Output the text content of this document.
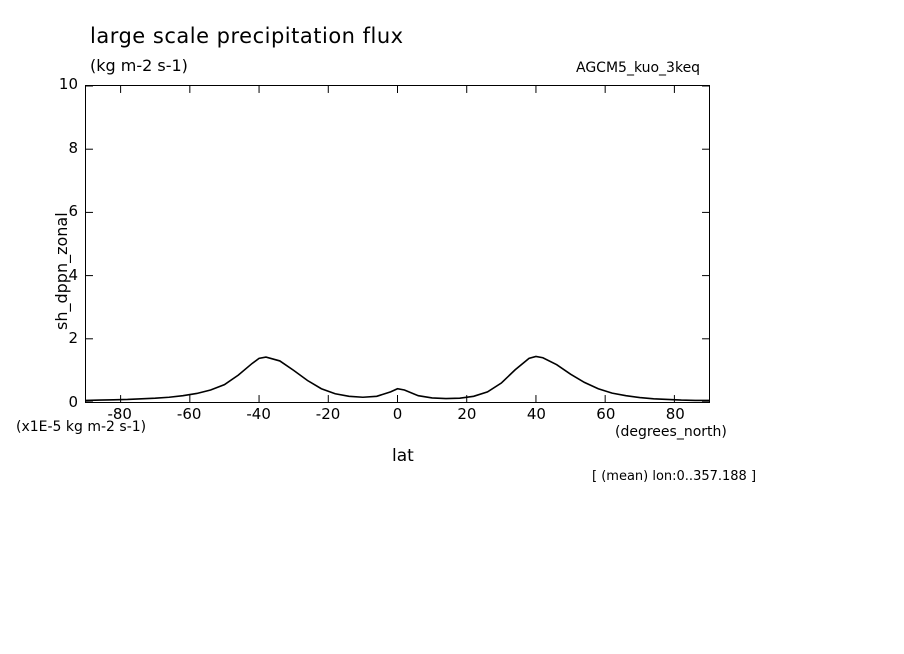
large scale precipitation flux
(kg m-2 s-1)	AGCM5_kuo_3keq
sh_dppn_zonal
lat
(degrees_north)
(x1E-5 kg m-2 s-1)
[ (mean) lon:0..357.188 ]
0
2
4
6
8
10
-80	-60	-40	-20	0	20	40	60	80
